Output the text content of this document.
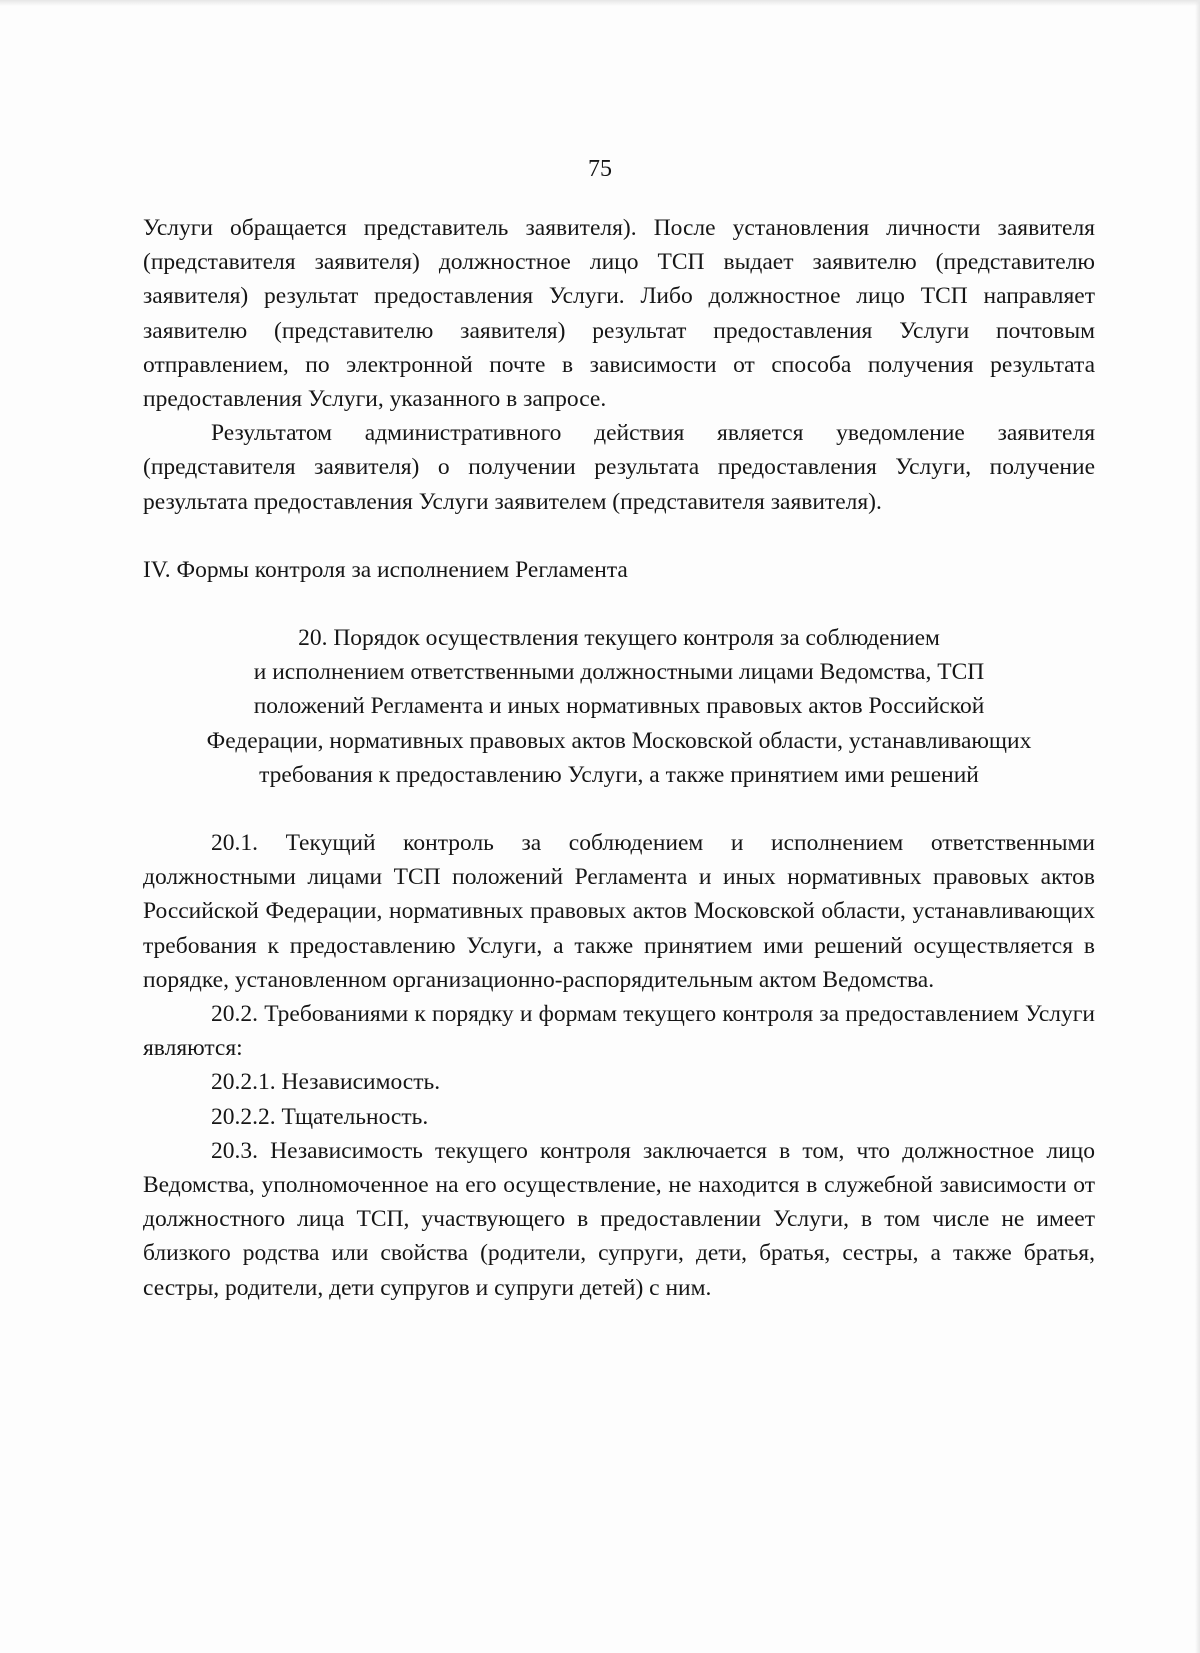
75

Услуги обращается представитель заявителя). После установления личности заявителя (представителя заявителя) должностное лицо ТСП выдает заявителю (представителю заявителя) результат предоставления Услуги. Либо должностное лицо ТСП направляет заявителю (представителю заявителя) результат предоставления Услуги почтовым отправлением, по электронной почте в зависимости от способа получения результата предоставления Услуги, указанного в запросе.

Результатом административного действия является уведомление заявителя (представителя заявителя) о получении результата предоставления Услуги, получение результата предоставления Услуги заявителем (представителя заявителя).

IV. Формы контроля за исполнением Регламента

20. Порядок осуществления текущего контроля за соблюдением
и исполнением ответственными должностными лицами Ведомства, ТСП
положений Регламента и иных нормативных правовых актов Российской
Федерации, нормативных правовых актов Московской области, устанавливающих
требования к предоставлению Услуги, а также принятием ими решений

20.1. Текущий контроль за соблюдением и исполнением ответственными должностными лицами ТСП положений Регламента и иных нормативных правовых актов Российской Федерации, нормативных правовых актов Московской области, устанавливающих требования к предоставлению Услуги, а также принятием ими решений осуществляется в порядке, установленном организационно-распорядительным актом Ведомства.

20.2. Требованиями к порядку и формам текущего контроля за предоставлением Услуги являются:

20.2.1. Независимость.

20.2.2. Тщательность.

20.3. Независимость текущего контроля заключается в том, что должностное лицо Ведомства, уполномоченное на его осуществление, не находится в служебной зависимости от должностного лица ТСП, участвующего в предоставлении Услуги, в том числе не имеет близкого родства или свойства (родители, супруги, дети, братья, сестры, а также братья, сестры, родители, дети супругов и супруги детей) с ним.
